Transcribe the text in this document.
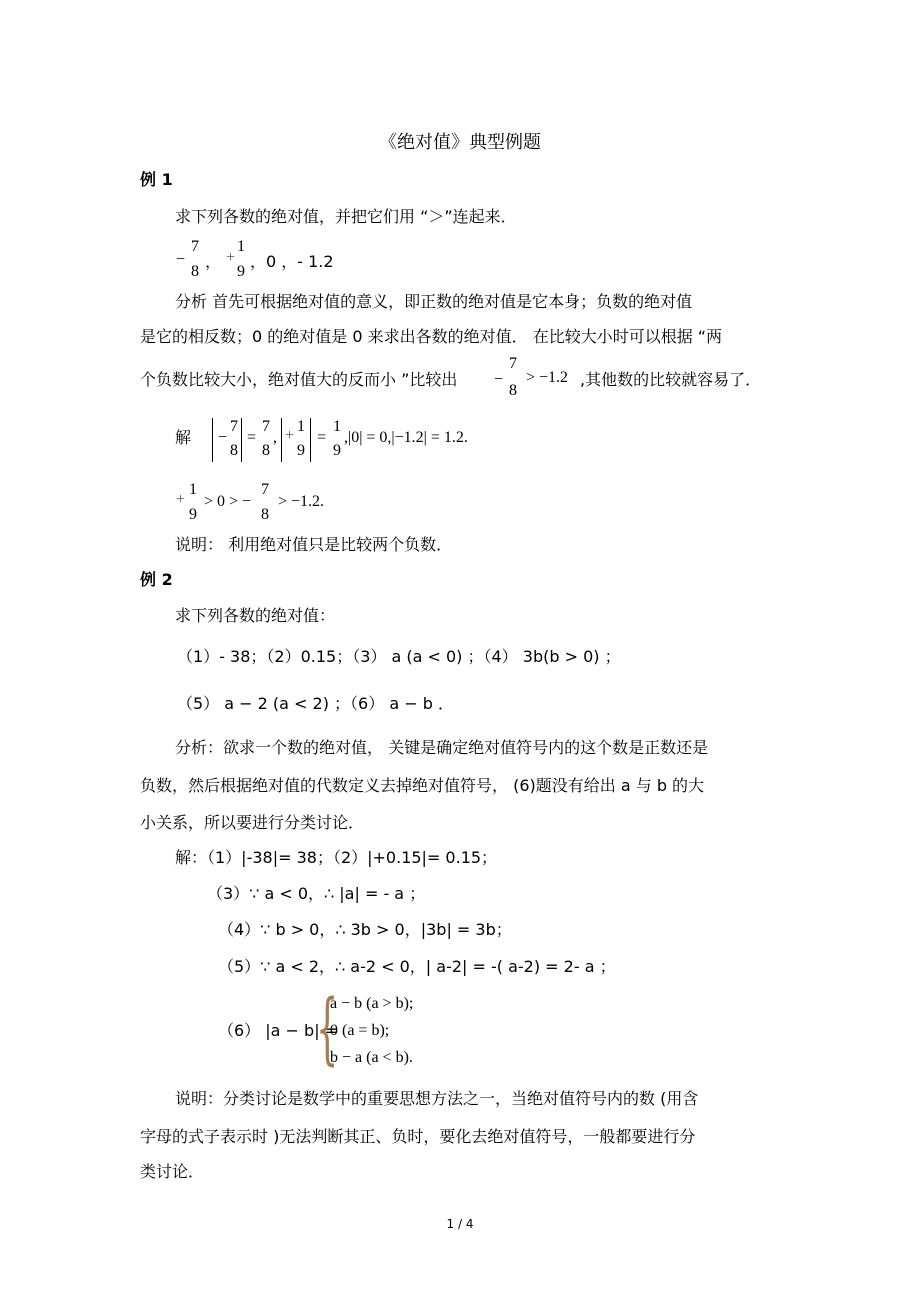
《绝对值》典型例题
例 1
求下列各数的绝对值，并把它们用 “＞”连起来．
−
7
8
， +
1
9
，0 ，- 1.2
分析 首先可根据绝对值的意义，即正数的绝对值是它本身；负数的绝对值
是它的相反数；0 的绝对值是 0 来求出各数的绝对值． 在比较大小时可以根据 “两
个负数比较大小，绝对值大的反而小 ”比较出 −
7
8
> −1.2 ,其他数的比较就容易了．
解 −
7
8
=
7
8
, +
1
9
=
1
9
,|0| = 0,|−1.2| = 1.2.
+
1
9
> 0 > −
7
8
> −1.2.
说明： 利用绝对值只是比较两个负数．
例 2
求下列各数的绝对值：
（1）- 38；（2）0.15；（3） a (a < 0) ；（4） 3b(b > 0) ；
（5） a − 2 (a < 2) ；（6） a − b ．
分析：欲求一个数的绝对值， 关键是确定绝对值符号内的这个数是正数还是
负数，然后根据绝对值的代数定义去掉绝对值符号， (6)题没有给出 a 与 b 的大
小关系，所以要进行分类讨论．
解：（1）|-38|= 38；（2）|+0.15|= 0.15；
（3）∵ a < 0，∴ |a| = - a ；
（4）∵ b > 0，∴ 3b > 0，|3b| = 3b；
（5）∵ a < 2，∴ a-2 < 0，| a-2| = -( a-2) = 2- a ；
（6） |a − b| =
{
a − b (a > b);
0 (a = b);
b − a (a < b).
说明：分类讨论是数学中的重要思想方法之一，当绝对值符号内的数 (用含
字母的式子表示时 )无法判断其正、负时，要化去绝对值符号，一般都要进行分
类讨论．
1 / 4
